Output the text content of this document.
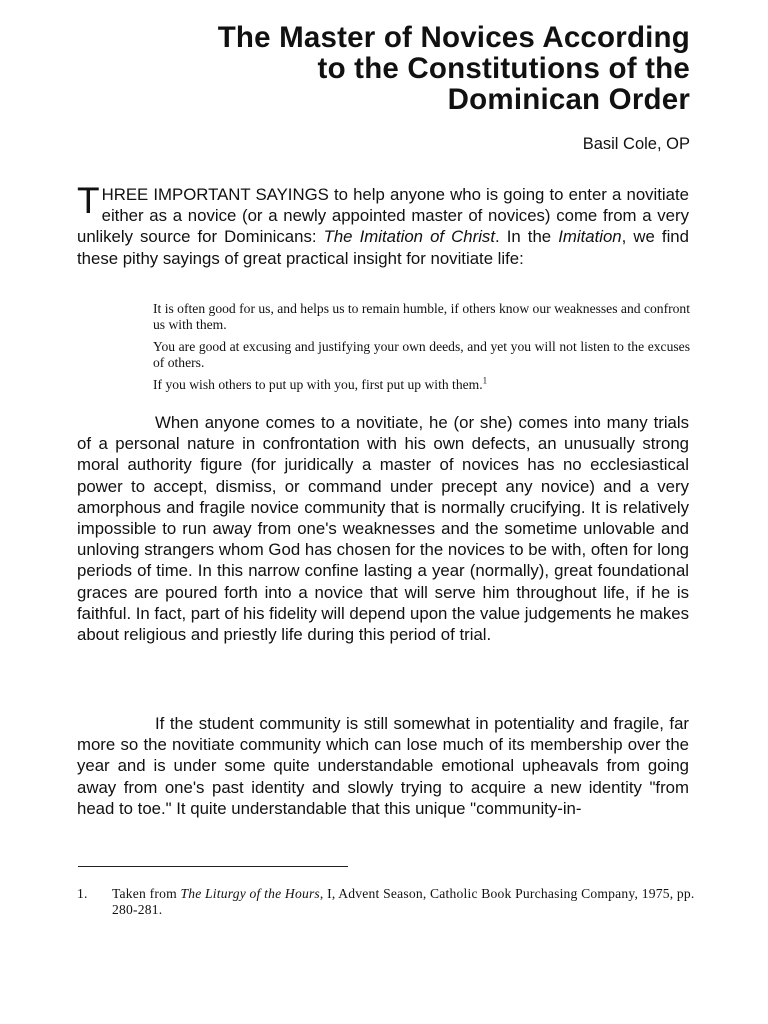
The Master of Novices According
to the Constitutions of the
Dominican Order
Basil Cole, OP

THREE IMPORTANT SAYINGS to help anyone who is going to enter a novitiate either as a novice (or a newly appointed master of novices) come from a very unlikely source for Dominicans: The Imitation of Christ. In the Imitation, we find these pithy sayings of great practical insight for novitiate life:

It is often good for us, and helps us to remain humble, if others know our weaknesses and confront us with them.

You are good at excusing and justifying your own deeds, and yet you will not listen to the excuses of others.

If you wish others to put up with you, first put up with them.$^1$

When anyone comes to a novitiate, he (or she) comes into many trials of a personal nature in confrontation with his own defects, an unusually strong moral authority figure (for juridically a master of novices has no ecclesiastical power to accept, dismiss, or command under precept any novice) and a very amorphous and fragile novice community that is normally crucifying. It is relatively impossible to run away from one's weaknesses and the sometime unlovable and unloving strangers whom God has chosen for the novices to be with, often for long periods of time. In this narrow confine lasting a year (normally), great foundational graces are poured forth into a novice that will serve him throughout life, if he is faithful. In fact, part of his fidelity will depend upon the value judgements he makes about religious and priestly life during this period of trial.

If the student community is still somewhat in potentiality and fragile, far more so the novitiate community which can lose much of its membership over the year and is under some quite understandable emotional upheavals from going away from one's past identity and slowly trying to acquire a new identity "from head to toe." It quite understandable that this unique "community-in-

1.	Taken from The Liturgy of the Hours, I, Advent Season, Catholic Book Purchasing Company, 1975, pp. 280-281.
